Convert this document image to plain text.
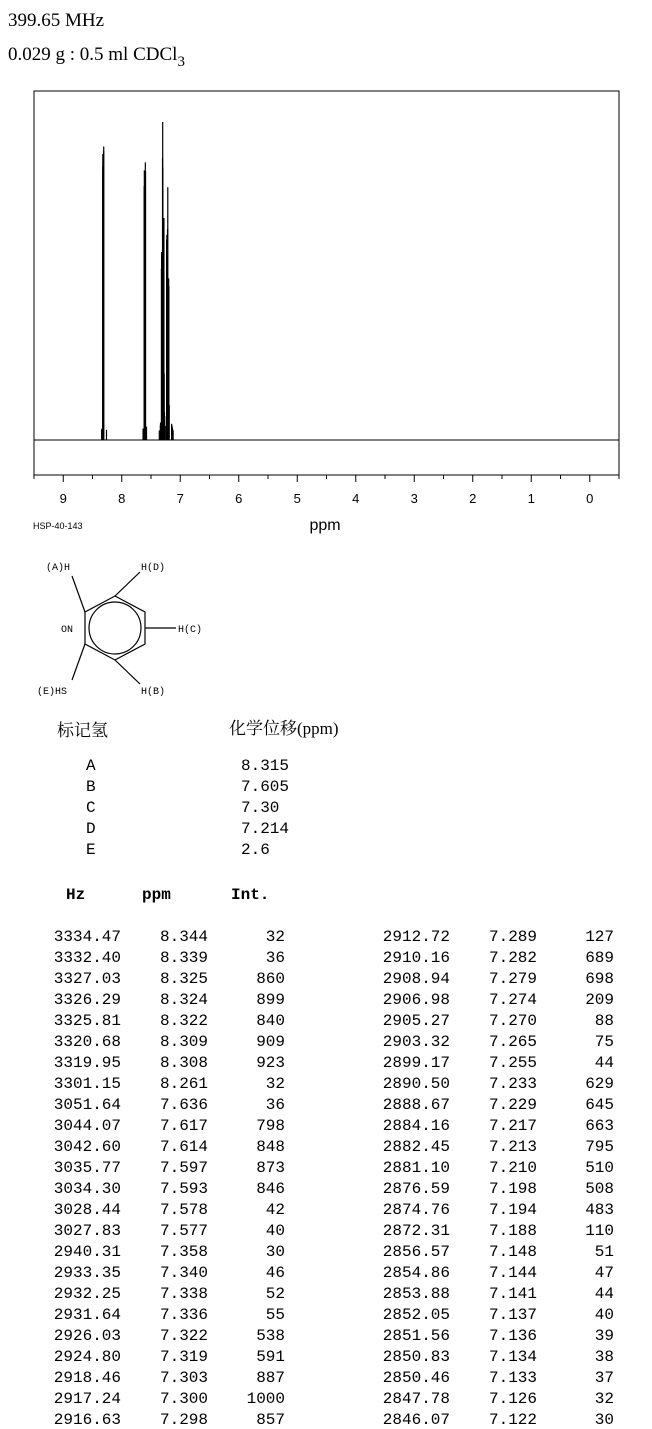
399.65 MHz
0.029 g : 0.5 ml CDCl$_3$
9	8	7	6	5	4	3	2	1	0
ppm
HSP-40-143
(A)H	H(D)
ON	H(C)
(E)HS	H(B)
标记氢	化学位移(ppm)
A	8.315
B	7.605
C	7.30
D	7.214
E	2.6
Hz	ppm	Int.
3334.47	8.344	32
3332.40	8.339	36
3327.03	8.325	860
3326.29	8.324	899
3325.81	8.322	840
3320.68	8.309	909
3319.95	8.308	923
3301.15	8.261	32
3051.64	7.636	36
3044.07	7.617	798
3042.60	7.614	848
3035.77	7.597	873
3034.30	7.593	846
3028.44	7.578	42
3027.83	7.577	40
2940.31	7.358	30
2933.35	7.340	46
2932.25	7.338	52
2931.64	7.336	55
2926.03	7.322	538
2924.80	7.319	591
2918.46	7.303	887
2917.24	7.300	1000
2916.63	7.298	857
2912.72	7.289	127
2910.16	7.282	689
2908.94	7.279	698
2906.98	7.274	209
2905.27	7.270	88
2903.32	7.265	75
2899.17	7.255	44
2890.50	7.233	629
2888.67	7.229	645
2884.16	7.217	663
2882.45	7.213	795
2881.10	7.210	510
2876.59	7.198	508
2874.76	7.194	483
2872.31	7.188	110
2856.57	7.148	51
2854.86	7.144	47
2853.88	7.141	44
2852.05	7.137	40
2851.56	7.136	39
2850.83	7.134	38
2850.46	7.133	37
2847.78	7.126	32
2846.07	7.122	30
